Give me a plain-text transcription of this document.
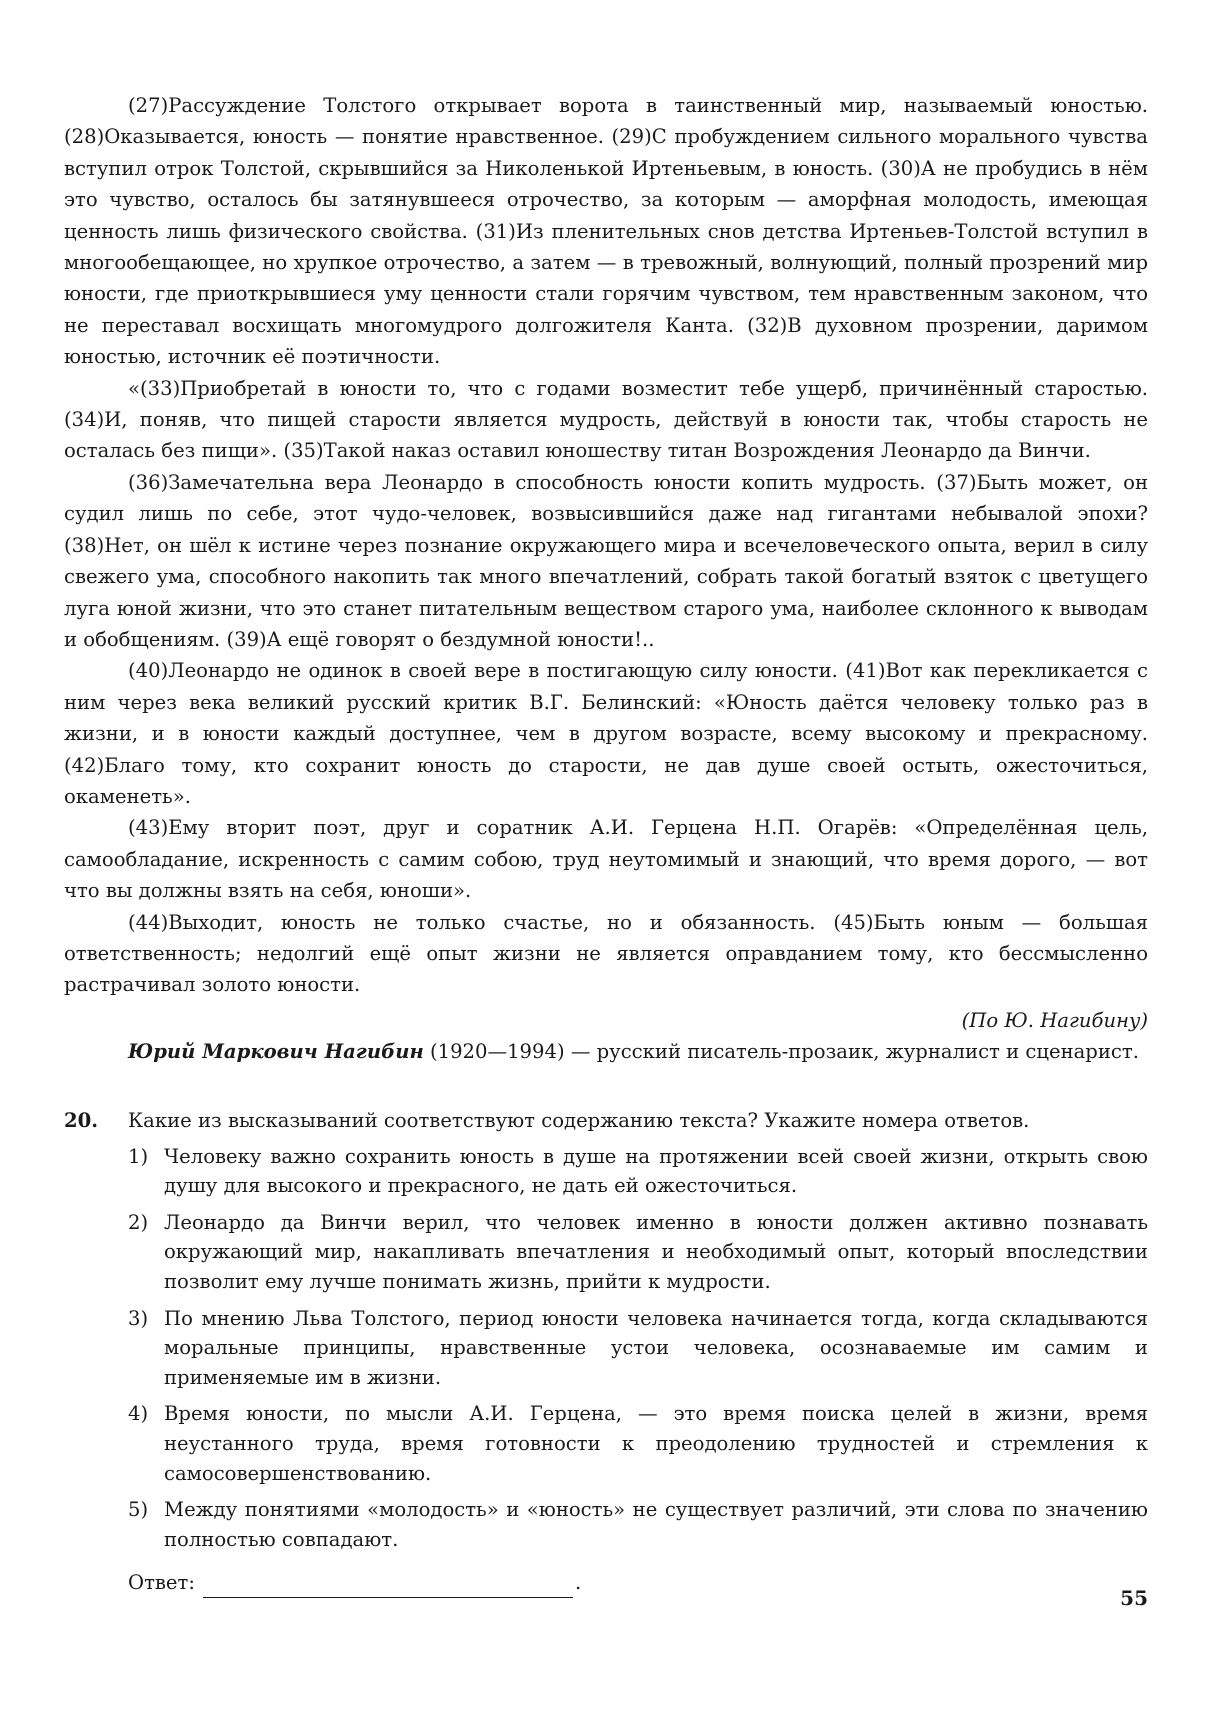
(27)Рассуждение Толстого открывает ворота в таинственный мир, называемый юностью. (28)Оказывается, юность — понятие нравственное. (29)С пробуждением сильного морального чувства вступил отрок Толстой, скрывшийся за Николенькой Иртеньевым, в юность. (30)А не пробудись в нём это чувство, осталось бы затянувшееся отрочество, за которым — аморфная молодость, имеющая ценность лишь физического свойства. (31)Из пленительных снов детства Иртеньев-Толстой вступил в многообещающее, но хрупкое отрочество, а затем — в тревожный, волнующий, полный прозрений мир юности, где приоткрывшиеся уму ценности стали горячим чувством, тем нравственным законом, что не переставал восхищать многомудрого долгожителя Канта. (32)В духовном прозрении, даримом юностью, источник её поэтичности.

«(33)Приобретай в юности то, что с годами возместит тебе ущерб, причинённый старостью. (34)И, поняв, что пищей старости является мудрость, действуй в юности так, чтобы старость не осталась без пищи». (35)Такой наказ оставил юношеству титан Возрождения Леонардо да Винчи.

(36)Замечательна вера Леонардо в способность юности копить мудрость. (37)Быть может, он судил лишь по себе, этот чудо-человек, возвысившийся даже над гигантами небывалой эпохи? (38)Нет, он шёл к истине через познание окружающего мира и всечеловеческого опыта, верил в силу свежего ума, способного накопить так много впечатлений, собрать такой богатый взяток с цветущего луга юной жизни, что это станет питательным веществом старого ума, наиболее склонного к выводам и обобщениям. (39)А ещё говорят о бездумной юности!..

(40)Леонардо не одинок в своей вере в постигающую силу юности. (41)Вот как перекликается с ним через века великий русский критик В.Г. Белинский: «Юность даётся человеку только раз в жизни, и в юности каждый доступнее, чем в другом возрасте, всему высокому и прекрасному. (42)Благо тому, кто сохранит юность до старости, не дав душе своей остыть, ожесточиться, окаменеть».

(43)Ему вторит поэт, друг и соратник А.И. Герцена Н.П. Огарёв: «Определённая цель, самообладание, искренность с самим собою, труд неутомимый и знающий, что время дорого, — вот что вы должны взять на себя, юноши».

(44)Выходит, юность не только счастье, но и обязанность. (45)Быть юным — большая ответственность; недолгий ещё опыт жизни не является оправданием тому, кто бессмысленно растрачивал золото юности.

(По Ю. Нагибину)

Юрий Маркович Нагибин (1920—1994) — русский писатель-прозаик, журналист и сценарист.

20.	Какие из высказываний соответствуют содержанию текста? Укажите номера ответов.
1) Человеку важно сохранить юность в душе на протяжении всей своей жизни, открыть свою душу для высокого и прекрасного, не дать ей ожесточиться.
2) Леонардо да Винчи верил, что человек именно в юности должен активно познавать окружающий мир, накапливать впечатления и необходимый опыт, который впоследствии позволит ему лучше понимать жизнь, прийти к мудрости.
3) По мнению Льва Толстого, период юности человека начинается тогда, когда складываются моральные принципы, нравственные устои человека, осознаваемые им самим и применяемые им в жизни.
4) Время юности, по мысли А.И. Герцена, — это время поиска целей в жизни, время неустанного труда, время готовности к преодолению трудностей и стремления к самосовершенствованию.
5) Между понятиями «молодость» и «юность» не существует различий, эти слова по значению полностью совпадают.
Ответ:	.
55
